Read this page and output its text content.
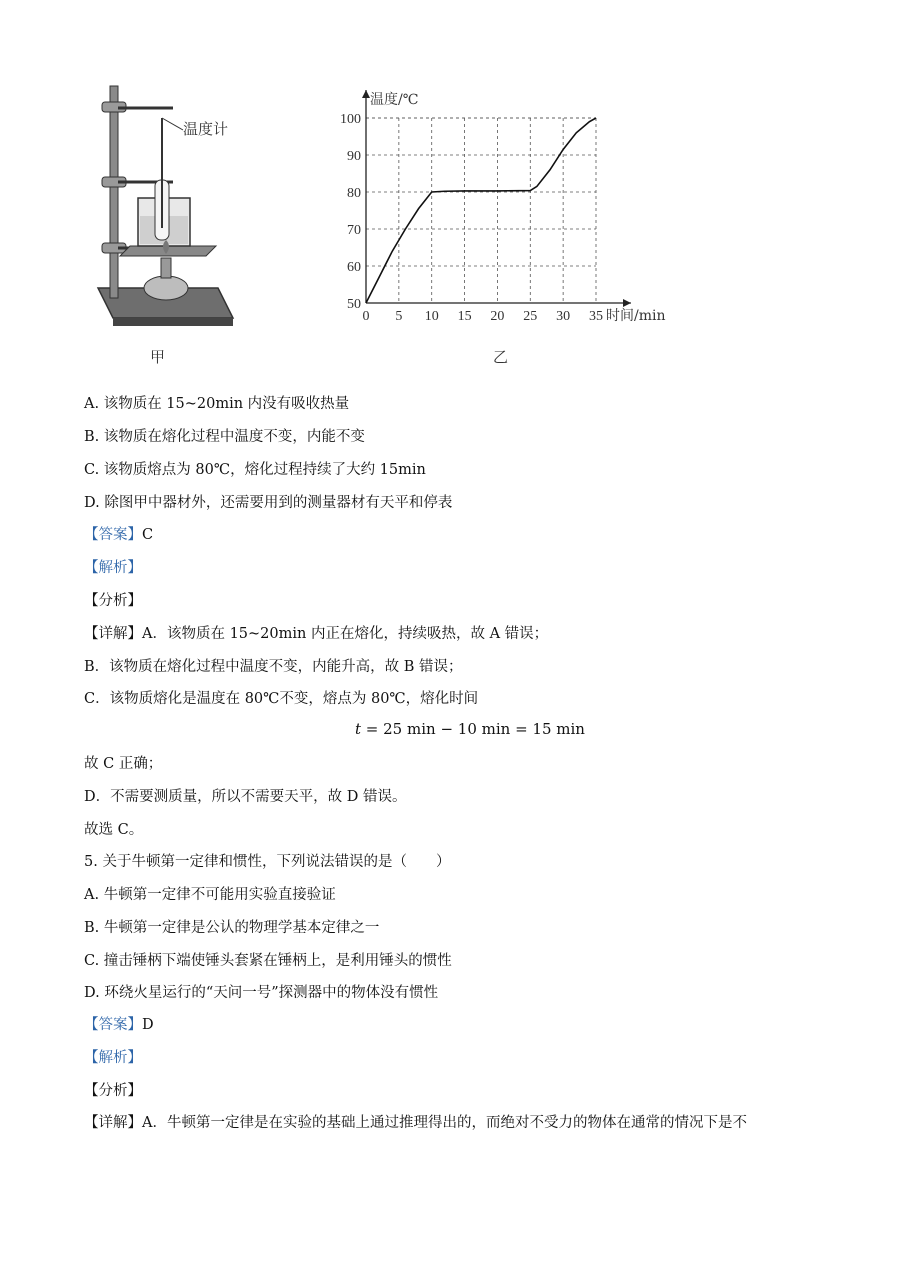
温度计
甲
0 5 10 15 20 25 30 35
50
60
70
80
90
100
温度/℃
时间/min
乙
A. 该物质在 15~20min 内没有吸收热量
B. 该物质在熔化过程中温度不变，内能不变
C. 该物质熔点为 80℃，熔化过程持续了大约 15min
D. 除图甲中器材外，还需要用到的测量器材有天平和停表
【答案】C
【解析】
【分析】
【详解】A．该物质在 15~20min 内正在熔化，持续吸热，故 A 错误；
B．该物质在熔化过程中温度不变，内能升高，故 B 错误；
C．该物质熔化是温度在 80℃不变，熔点为 80℃，熔化时间
t = 25 min − 10 min = 15 min
故 C 正确；
D．不需要测质量，所以不需要天平，故 D 错误。
故选 C。
5. 关于牛顿第一定律和惯性，下列说法错误的是（　　）
A. 牛顿第一定律不可能用实验直接验证
B. 牛顿第一定律是公认的物理学基本定律之一
C. 撞击锤柄下端使锤头套紧在锤柄上，是利用锤头的惯性
D. 环绕火星运行的“天问一号”探测器中的物体没有惯性
【答案】D
【解析】
【分析】
【详解】A．牛顿第一定律是在实验的基础上通过推理得出的，而绝对不受力的物体在通常的情况下是不
